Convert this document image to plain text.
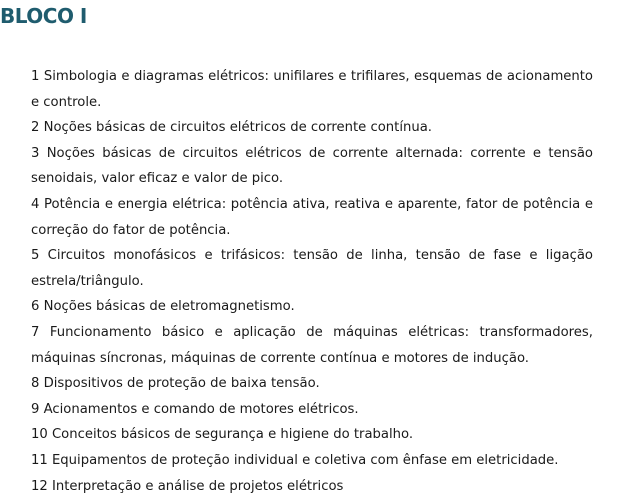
BLOCO I
1 Simbologia e diagramas elétricos: unifilares e trifilares, esquemas de acionamento e controle.
2 Noções básicas de circuitos elétricos de corrente contínua.
3 Noções básicas de circuitos elétricos de corrente alternada: corrente e tensão senoidais, valor eficaz e valor de pico.
4 Potência e energia elétrica: potência ativa, reativa e aparente, fator de potência e correção do fator de potência.
5 Circuitos monofásicos e trifásicos: tensão de linha, tensão de fase e ligação estrela/triângulo.
6 Noções básicas de eletromagnetismo.
7 Funcionamento básico e aplicação de máquinas elétricas: transformadores, máquinas síncronas, máquinas de corrente contínua e motores de indução.
8 Dispositivos de proteção de baixa tensão.
9 Acionamentos e comando de motores elétricos.
10 Conceitos básicos de segurança e higiene do trabalho.
11 Equipamentos de proteção individual e coletiva com ênfase em eletricidade.
12 Interpretação e análise de projetos elétricos
